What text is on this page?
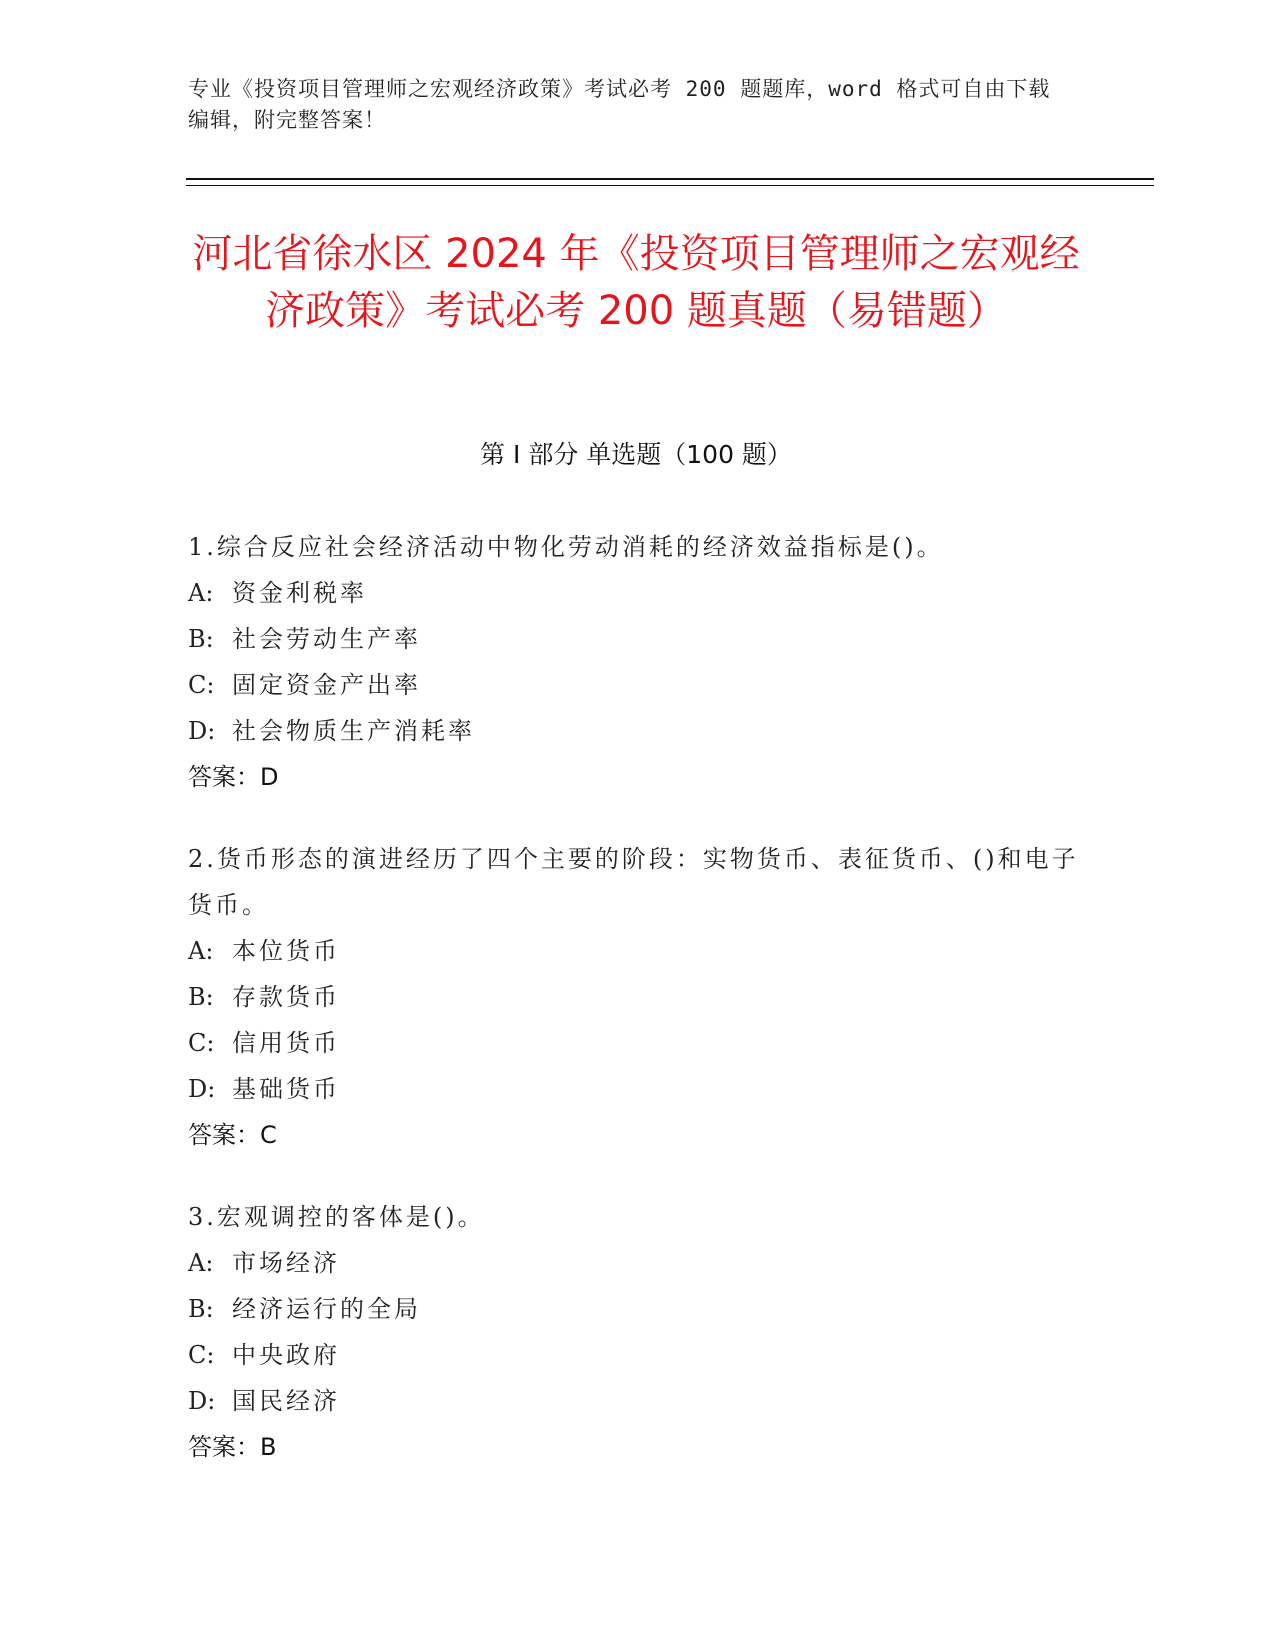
专业《投资项目管理师之宏观经济政策》考试必考 200 题题库，word 格式可自由下载编辑，附完整答案！
河北省徐水区 2024 年《投资项目管理师之宏观经济政策》考试必考 200 题真题（易错题）
第 I 部分 单选题（100 题）
1.综合反应社会经济活动中物化劳动消耗的经济效益指标是()。
A: 资金利税率
B: 社会劳动生产率
C: 固定资金产出率
D: 社会物质生产消耗率
答案：D
2.货币形态的演进经历了四个主要的阶段：实物货币、表征货币、()和电子货币。
A: 本位货币
B: 存款货币
C: 信用货币
D: 基础货币
答案：C
3.宏观调控的客体是()。
A: 市场经济
B: 经济运行的全局
C: 中央政府
D: 国民经济
答案：B
